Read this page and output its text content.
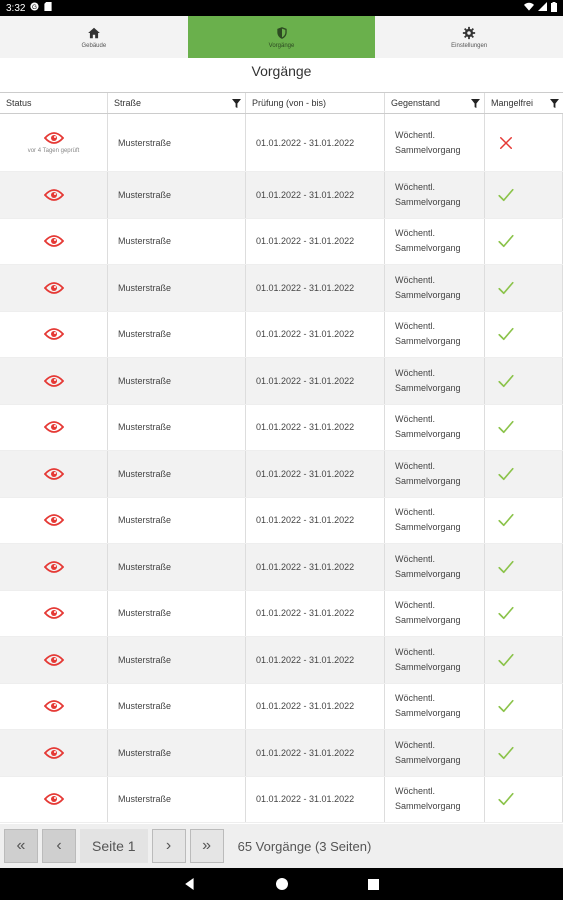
3:32 G
Gebäude	Vorgänge	Einstellungen
Vorgänge
Status	Straße	Prüfung (von - bis)	Gegenstand	Mangelfrei
vor 4 Tagen geprüft
Musterstraße	01.01.2022 - 31.01.2022
Wöchentl.
Sammelvorgang
Musterstraße	01.01.2022 - 31.01.2022
Wöchentl.
Sammelvorgang
Musterstraße	01.01.2022 - 31.01.2022
Wöchentl.
Sammelvorgang
Musterstraße	01.01.2022 - 31.01.2022
Wöchentl.
Sammelvorgang
Musterstraße	01.01.2022 - 31.01.2022
Wöchentl.
Sammelvorgang
Musterstraße	01.01.2022 - 31.01.2022
Wöchentl.
Sammelvorgang
Musterstraße	01.01.2022 - 31.01.2022
Wöchentl.
Sammelvorgang
Musterstraße	01.01.2022 - 31.01.2022
Wöchentl.
Sammelvorgang
Musterstraße	01.01.2022 - 31.01.2022
Wöchentl.
Sammelvorgang
Musterstraße	01.01.2022 - 31.01.2022
Wöchentl.
Sammelvorgang
Musterstraße	01.01.2022 - 31.01.2022
Wöchentl.
Sammelvorgang
Musterstraße	01.01.2022 - 31.01.2022
Wöchentl.
Sammelvorgang
Musterstraße	01.01.2022 - 31.01.2022
Wöchentl.
Sammelvorgang
Musterstraße	01.01.2022 - 31.01.2022
Wöchentl.
Sammelvorgang
Musterstraße	01.01.2022 - 31.01.2022
Wöchentl.
Sammelvorgang
«	‹	Seite 1	›	»	65 Vorgänge (3 Seiten)
